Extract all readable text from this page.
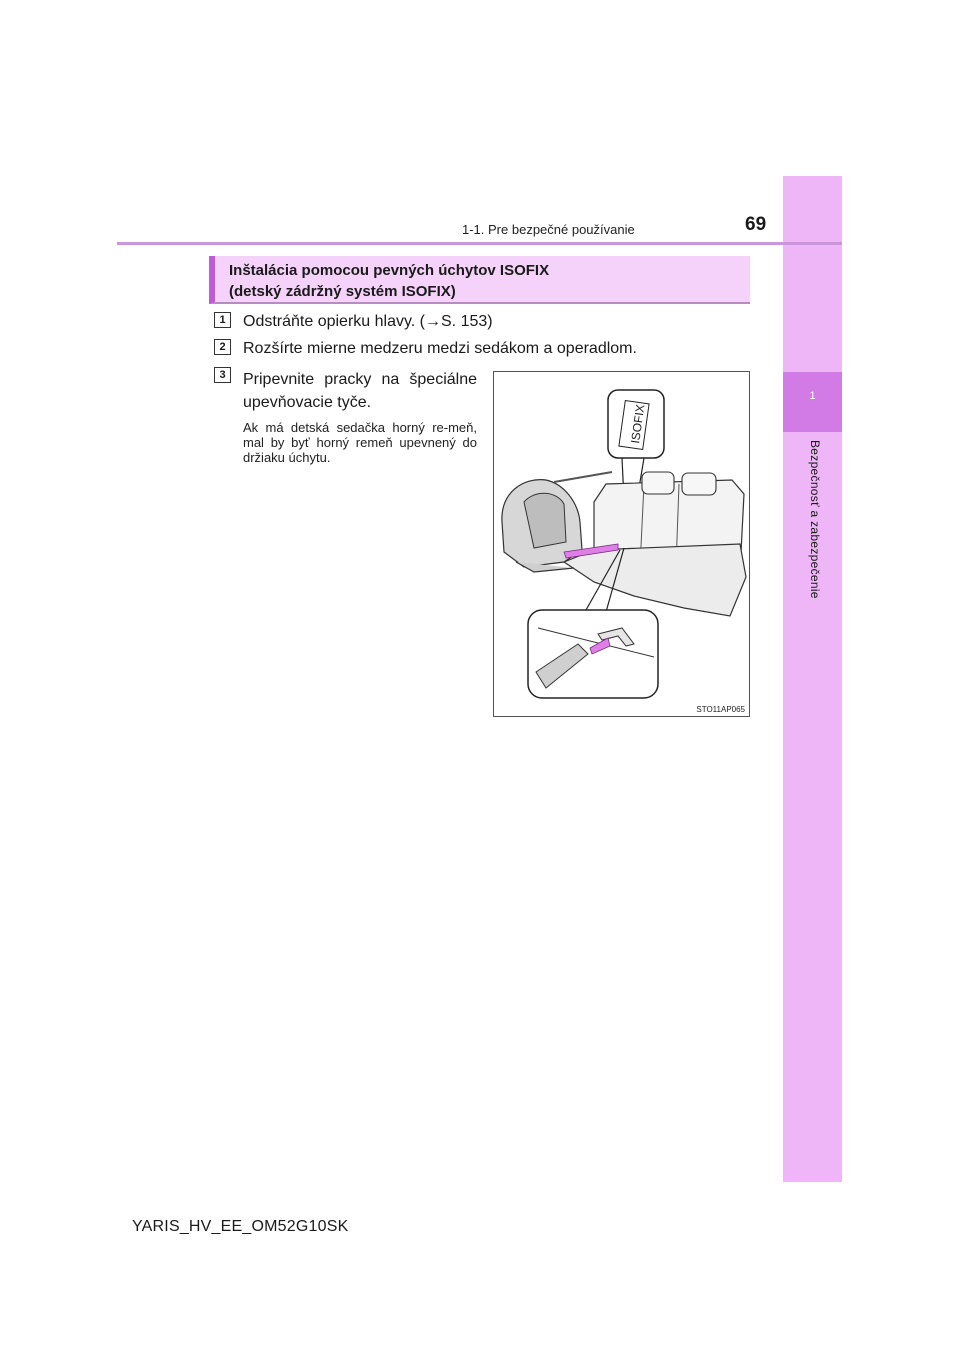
1
Bezpečnosť a zabezpečenie
1-1. Pre bezpečné používanie	69
Inštalácia pomocou pevných úchytov ISOFIX
(detský zádržný systém ISOFIX)
1	Odstráňte opierku hlavy. (→S. 153)
2	Rozšírte mierne medzeru medzi sedákom a operadlom.
3	Pripevnite pracky na špeciálne upevňovacie tyče.
Ak má detská sedačka horný re-meň, mal by byť horný remeň upevnený do držiaku úchytu.
ISOFIX
STO11AP065
YARIS_HV_EE_OM52G10SK
